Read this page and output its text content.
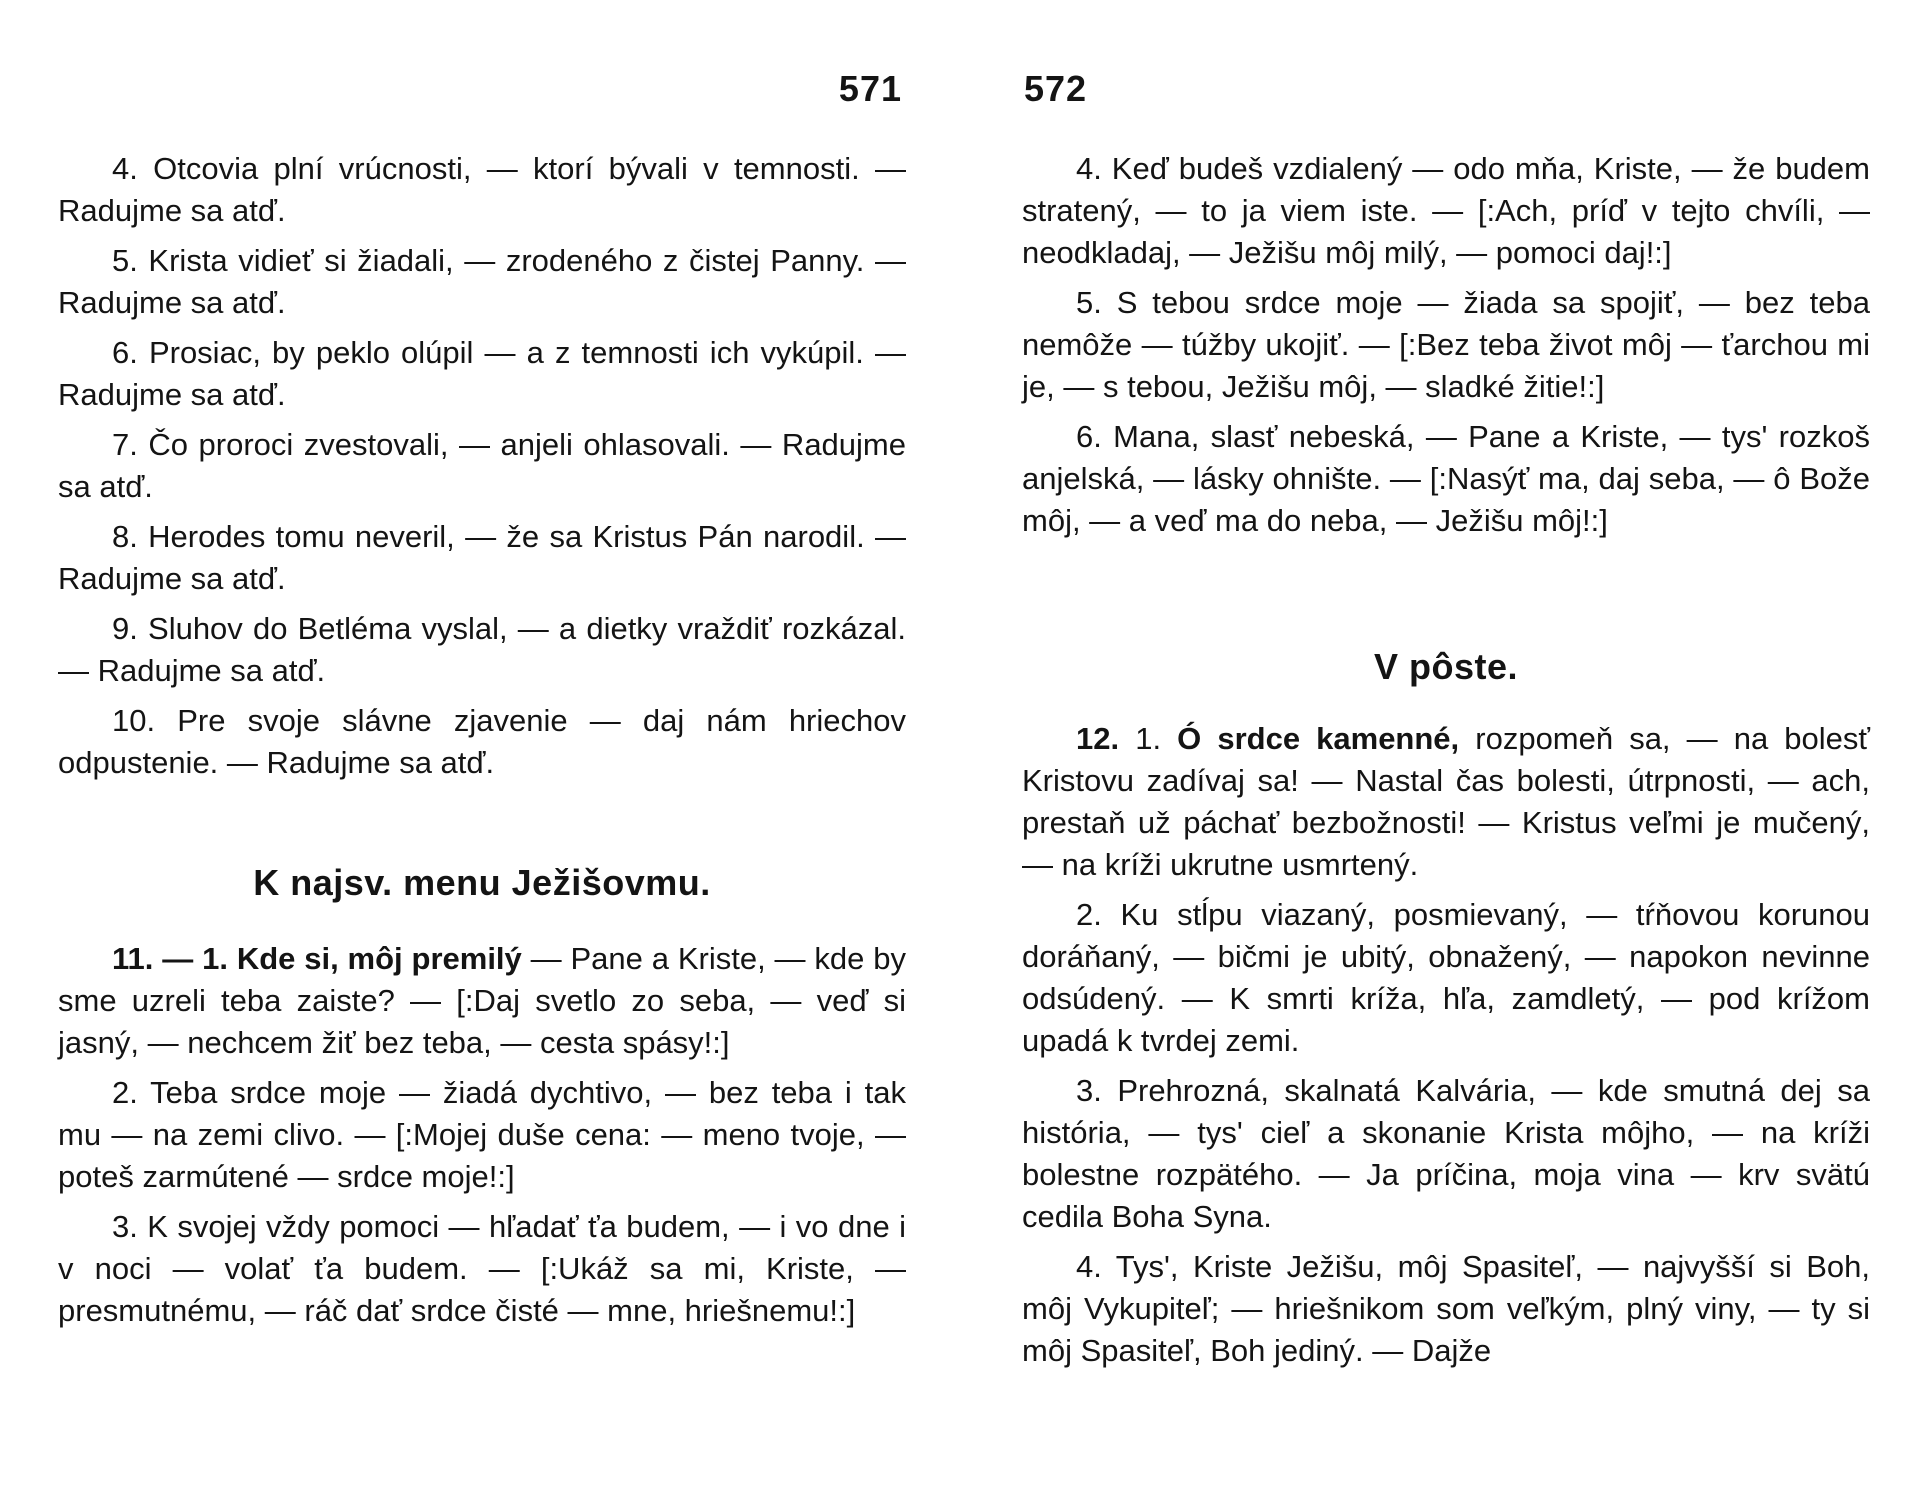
571

4. Otcovia plní vrúcnosti, — ktorí bývali v temnosti. — Radujme sa atď.

5. Krista vidieť si žiadali, — zrodeného z čistej Panny. — Radujme sa atď.

6. Prosiac, by peklo olúpil — a z temnosti ich vykúpil. — Radujme sa atď.

7. Čo proroci zvestovali, — anjeli ohlasovali. — Radujme sa atď.

8. Herodes tomu neveril, — že sa Kristus Pán narodil. — Radujme sa atď.

9. Sluhov do Betléma vyslal, — a dietky vraždiť rozkázal. — Radujme sa atď.

10. Pre svoje slávne zjavenie — daj nám hriechov odpustenie. — Radujme sa atď.

K najsv. menu Ježišovmu.

11. — 1. Kde si, môj premilý — Pane a Kriste, — kde by sme uzreli teba zaiste? — [:Daj svetlo zo seba, — veď si jasný, — nechcem žiť bez teba, — cesta spásy!:]

2. Teba srdce moje — žiadá dychtivo, — bez teba i tak mu — na zemi clivo. — [:Mojej duše cena: — meno tvoje, — poteš zarmútené — srdce moje!:]

3. K svojej vždy pomoci — hľadať ťa budem, — i vo dne i v noci — volať ťa budem. — [:Ukáž sa mi, Kriste, — presmutnému, — ráč dať srdce čisté — mne, hriešnemu!:]

572

4. Keď budeš vzdialený — odo mňa, Kriste, — že budem stratený, — to ja viem iste. — [:Ach, príď v tejto chvíli, — neodkladaj, — Ježišu môj milý, — pomoci daj!:]

5. S tebou srdce moje — žiada sa spojiť, — bez teba nemôže — túžby ukojiť. — [:Bez teba život môj — ťarchou mi je, — s tebou, Ježišu môj, — sladké žitie!:]

6. Mana, slasť nebeská, — Pane a Kriste, — tys' rozkoš anjelská, — lásky ohnište. — [:Nasýť ma, daj seba, — ô Bože môj, — a veď ma do neba, — Ježišu môj!:]

V pôste.

12. 1. Ó srdce kamenné, rozpomeň sa, — na bolesť Kristovu zadívaj sa! — Nastal čas bolesti, útrpnosti, — ach, prestaň už páchať bezbožnosti! — Kristus veľmi je mučený, — na kríži ukrutne usmrtený.

2. Ku stĺpu viazaný, posmievaný, — tŕňovou korunou doráňaný, — bičmi je ubitý, obnažený, — napokon nevinne odsúdený. — K smrti kríža, hľa, zamdletý, — pod krížom upadá k tvrdej zemi.

3. Prehrozná, skalnatá Kalvária, — kde smutná dej sa história, — tys' cieľ a skonanie Krista môjho, — na kríži bolestne rozpätého. — Ja príčina, moja vina — krv svätú cedila Boha Syna.

4. Tys', Kriste Ježišu, môj Spasiteľ, — najvyšší si Boh, môj Vykupiteľ; — hriešnikom som veľkým, plný viny, — ty si môj Spasiteľ, Boh jediný. — Dajže
